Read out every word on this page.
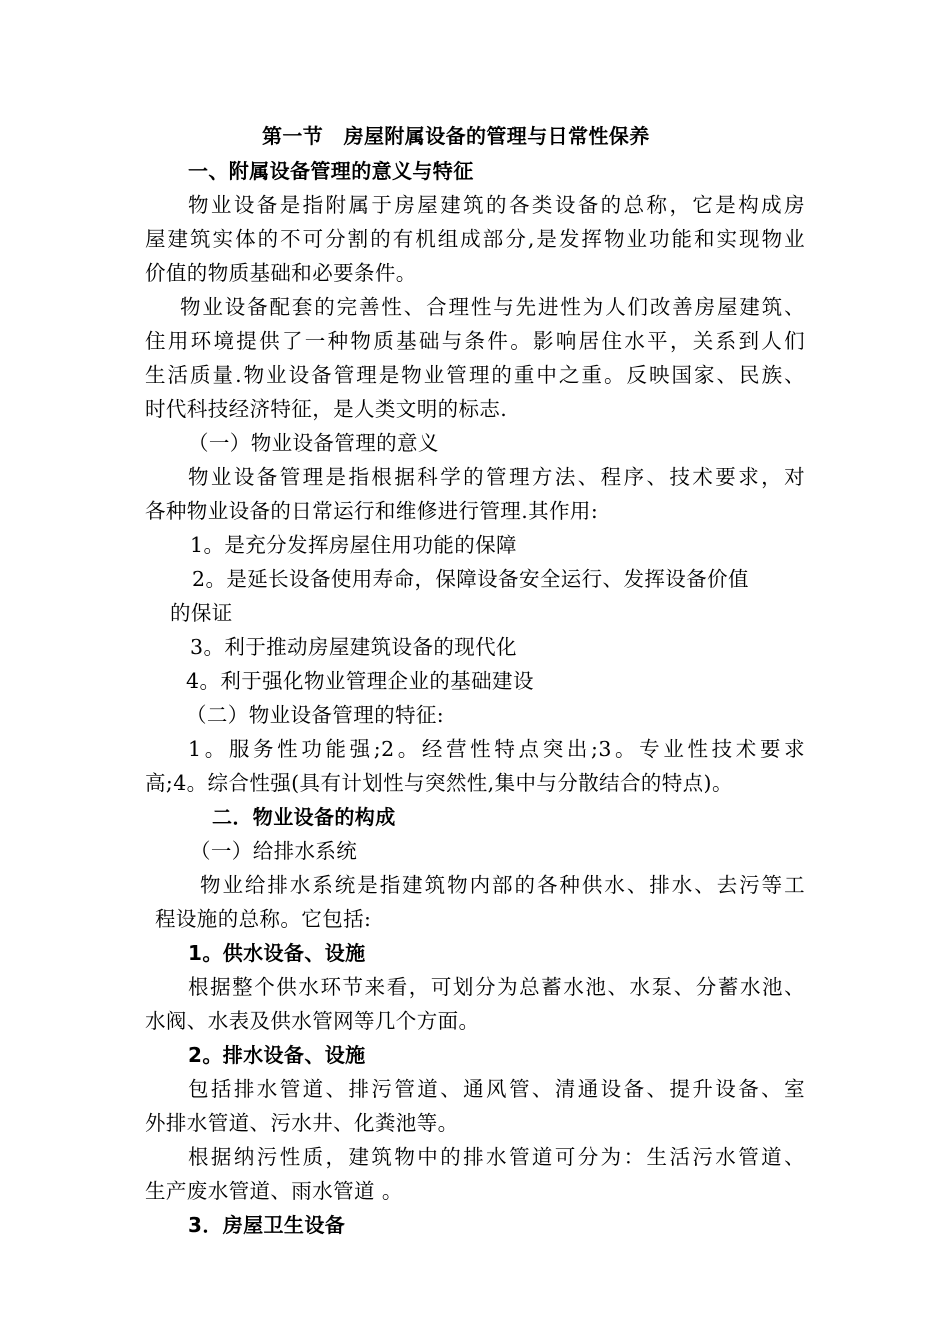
第一节　房屋附属设备的管理与日常性保养

一、附属设备管理的意义与特征

物业设备是指附属于房屋建筑的各类设备的总称，它是构成房

屋建筑实体的不可分割的有机组成部分,是发挥物业功能和实现物业

价值的物质基础和必要条件。

物业设备配套的完善性、合理性与先进性为人们改善房屋建筑、

住用环境提供了一种物质基础与条件。影响居住水平，关系到人们

生活质量.物业设备管理是物业管理的重中之重。反映国家、民族、

时代科技经济特征，是人类文明的标志.

（一）物业设备管理的意义

物业设备管理是指根据科学的管理方法、程序、技术要求，对

各种物业设备的日常运行和维修进行管理.其作用:

1。是充分发挥房屋住用功能的保障

2。是延长设备使用寿命，保障设备安全运行、发挥设备价值

的保证

3。利于推动房屋建筑设备的现代化

4。利于强化物业管理企业的基础建设

（二）物业设备管理的特征:

1。服务性功能强;2。经营性特点突出;3。专业性技术要求

高;4。综合性强(具有计划性与突然性,集中与分散结合的特点)。

二．物业设备的构成

（一）给排水系统

物业给排水系统是指建筑物内部的各种供水、排水、去污等工

程设施的总称。它包括:

1。供水设备、设施

根据整个供水环节来看，可划分为总蓄水池、水泵、分蓄水池、

水阀、水表及供水管网等几个方面。

2。排水设备、设施

包括排水管道、排污管道、通风管、清通设备、提升设备、室

外排水管道、污水井、化粪池等。

根据纳污性质，建筑物中的排水管道可分为：生活污水管道、

生产废水管道、雨水管道 。

3．房屋卫生设备
